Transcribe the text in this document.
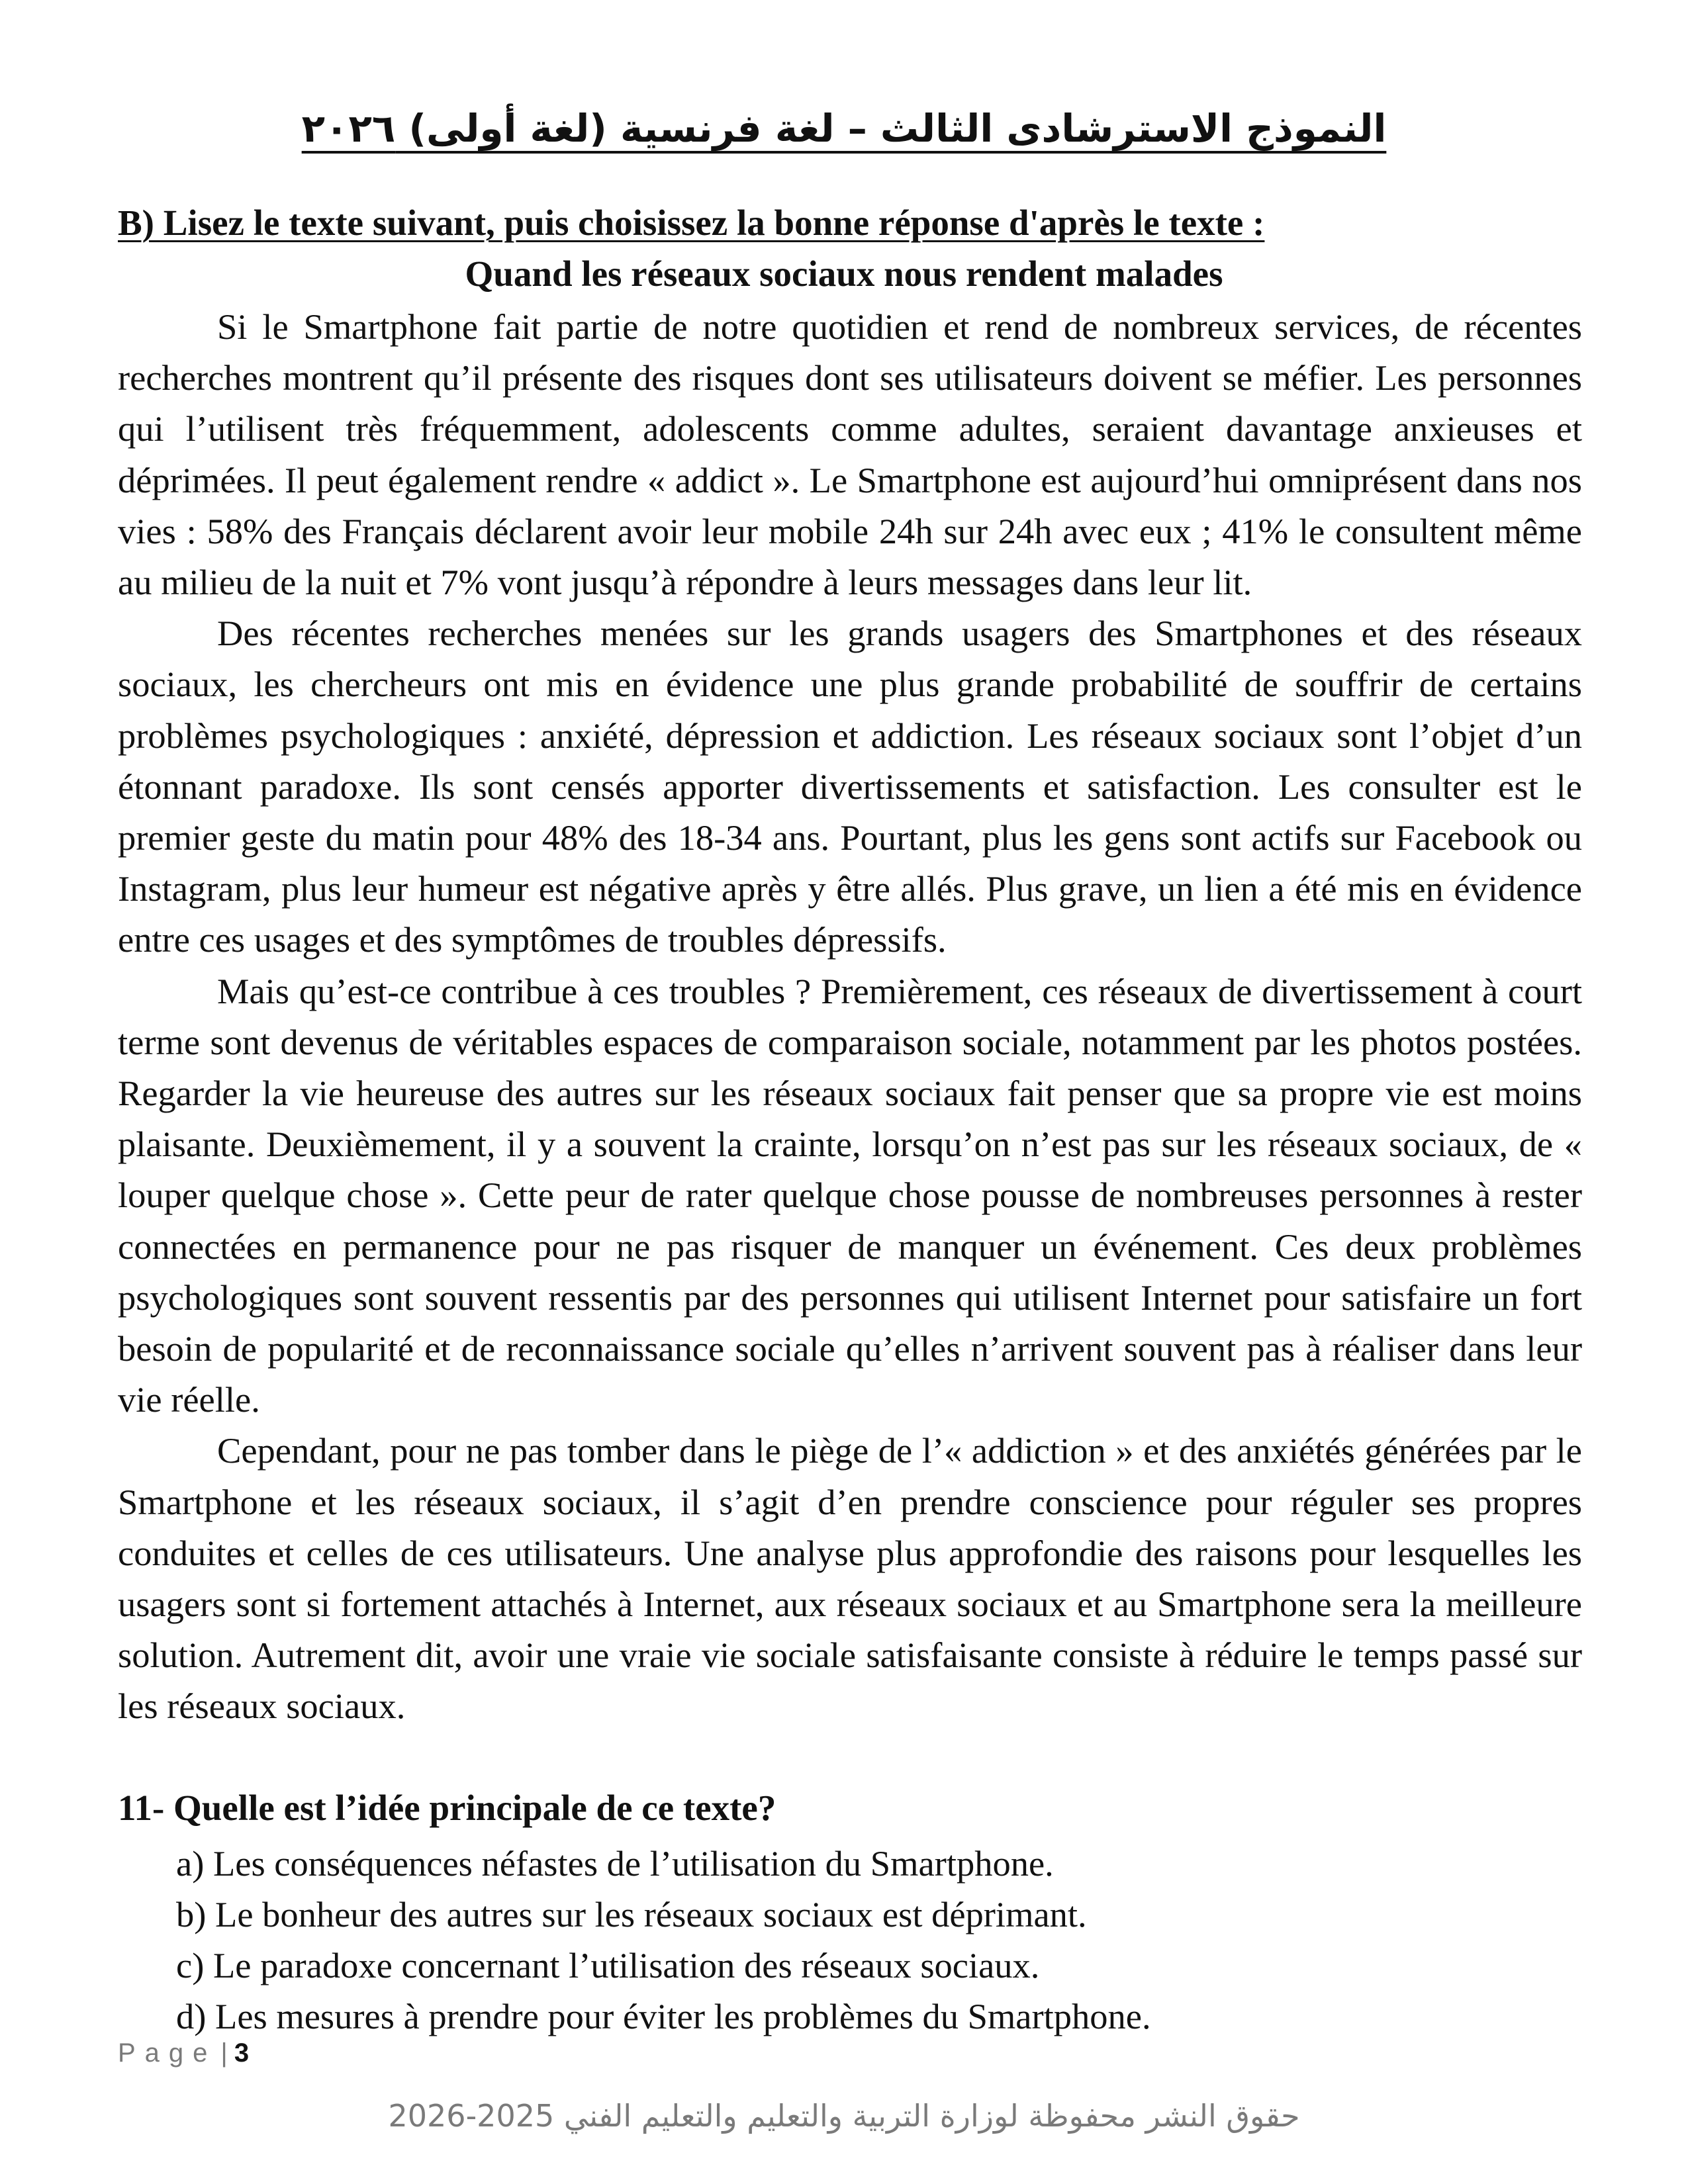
النموذج الاسترشادى الثالث – لغة فرنسية (لغة أولى) ٢٠٢٦
B) Lisez le texte suivant, puis choisissez la bonne réponse d'après le texte :
Quand les réseaux sociaux nous rendent malades

Si le Smartphone fait partie de notre quotidien et rend de nombreux services, de récentes recherches montrent qu’il présente des risques dont ses utilisateurs doivent se méfier. Les personnes qui l’utilisent très fréquemment, adolescents comme adultes, seraient davantage anxieuses et déprimées. Il peut également rendre « addict ». Le Smartphone est aujourd’hui omniprésent dans nos vies : 58% des Français déclarent avoir leur mobile 24h sur 24h avec eux ; 41% le consultent même au milieu de la nuit et 7% vont jusqu’à répondre à leurs messages dans leur lit.

Des récentes recherches menées sur les grands usagers des Smartphones et des réseaux sociaux, les chercheurs ont mis en évidence une plus grande probabilité de souffrir de certains problèmes psychologiques : anxiété, dépression et addiction. Les réseaux sociaux sont l’objet d’un étonnant paradoxe. Ils sont censés apporter divertissements et satisfaction. Les consulter est le premier geste du matin pour 48% des 18-34 ans. Pourtant, plus les gens sont actifs sur Facebook ou Instagram, plus leur humeur est négative après y être allés. Plus grave, un lien a été mis en évidence entre ces usages et des symptômes de troubles dépressifs.

Mais qu’est-ce contribue à ces troubles ? Premièrement, ces réseaux de divertissement à court terme sont devenus de véritables espaces de comparaison sociale, notamment par les photos postées. Regarder la vie heureuse des autres sur les réseaux sociaux fait penser que sa propre vie est moins plaisante. Deuxièmement, il y a souvent la crainte, lorsqu’on n’est pas sur les réseaux sociaux, de « louper quelque chose ». Cette peur de rater quelque chose pousse de nombreuses personnes à rester connectées en permanence pour ne pas risquer de manquer un événement. Ces deux problèmes psychologiques sont souvent ressentis par des personnes qui utilisent Internet pour satisfaire un fort besoin de popularité et de reconnaissance sociale qu’elles n’arrivent souvent pas à réaliser dans leur vie réelle.

Cependant, pour ne pas tomber dans le piège de l’« addiction » et des anxiétés générées par le Smartphone et les réseaux sociaux, il s’agit d’en prendre conscience pour réguler ses propres conduites et celles de ces utilisateurs. Une analyse plus approfondie des raisons pour lesquelles les usagers sont si fortement attachés à Internet, aux réseaux sociaux et au Smartphone sera la meilleure solution. Autrement dit, avoir une vraie vie sociale satisfaisante consiste à réduire le temps passé sur les réseaux sociaux.

11- Quelle est l’idée principale de ce texte?
a) Les conséquences néfastes de l’utilisation du Smartphone.
b) Le bonheur des autres sur les réseaux sociaux est déprimant.
c) Le paradoxe concernant l’utilisation des réseaux sociaux.
d) Les mesures à prendre pour éviter les problèmes du Smartphone.
Page | 3
حقوق النشر محفوظة لوزارة التربية والتعليم والتعليم الفني 2025-2026
